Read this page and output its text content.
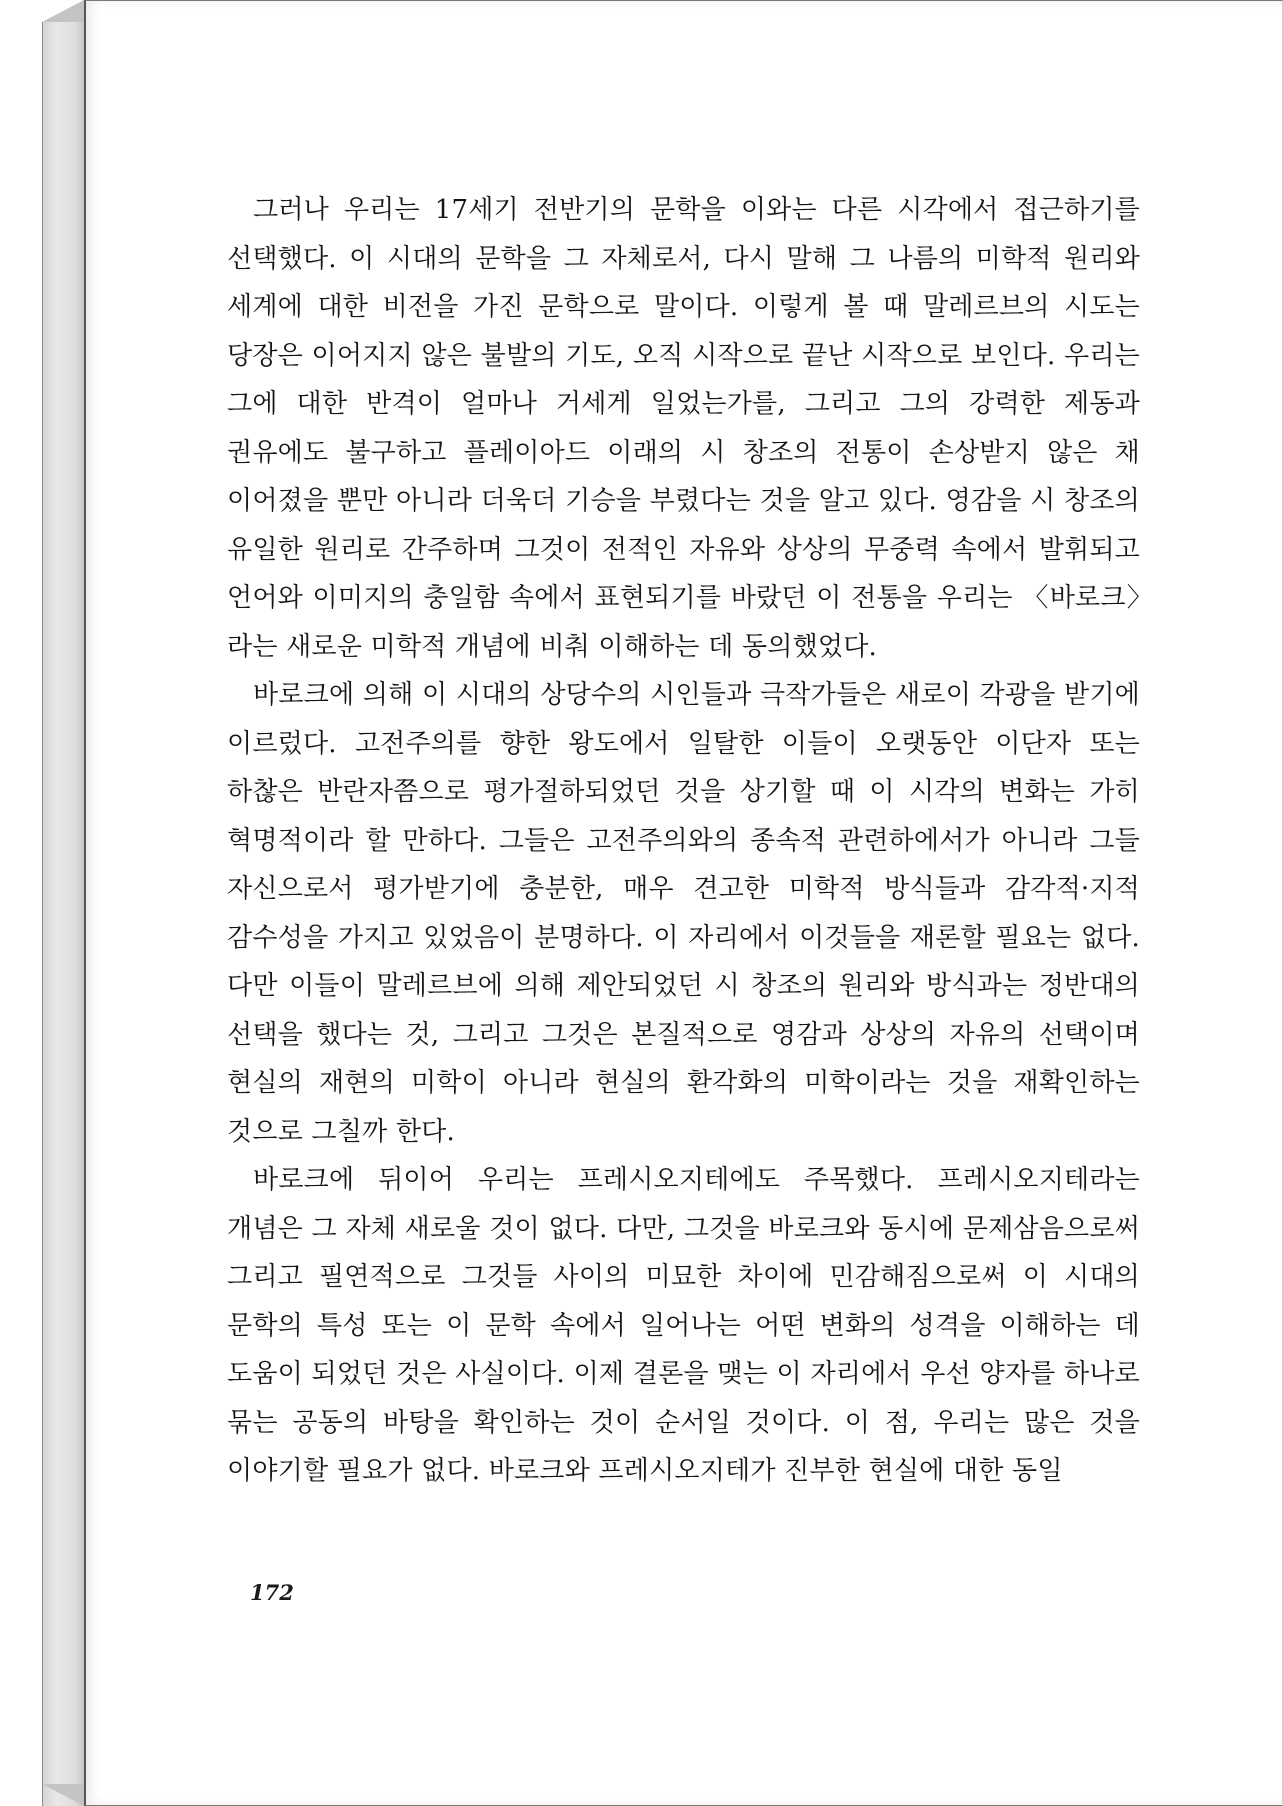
그러나 우리는 17세기 전반기의 문학을 이와는 다른 시각에서 접근하기를 선택했다. 이 시대의 문학을 그 자체로서, 다시 말해 그 나름의 미학적 원리와 세계에 대한 비전을 가진 문학으로 말이다. 이렇게 볼 때 말레르브의 시도는 당장은 이어지지 않은 불발의 기도, 오직 시작으로 끝난 시작으로 보인다. 우리는 그에 대한 반격이 얼마나 거세게 일었는가를, 그리고 그의 강력한 제동과 권유에도 불구하고 플레이아드 이래의 시 창조의 전통이 손상받지 않은 채 이어졌을 뿐만 아니라 더욱더 기승을 부렸다는 것을 알고 있다. 영감을 시 창조의 유일한 원리로 간주하며 그것이 전적인 자유와 상상의 무중력 속에서 발휘되고 언어와 이미지의 충일함 속에서 표현되기를 바랐던 이 전통을 우리는 〈바로크〉라는 새로운 미학적 개념에 비춰 이해하는 데 동의했었다.

바로크에 의해 이 시대의 상당수의 시인들과 극작가들은 새로이 각광을 받기에 이르렀다. 고전주의를 향한 왕도에서 일탈한 이들이 오랫동안 이단자 또는 하찮은 반란자쯤으로 평가절하되었던 것을 상기할 때 이 시각의 변화는 가히 혁명적이라 할 만하다. 그들은 고전주의와의 종속적 관련하에서가 아니라 그들 자신으로서 평가받기에 충분한, 매우 견고한 미학적 방식들과 감각적·지적 감수성을 가지고 있었음이 분명하다. 이 자리에서 이것들을 재론할 필요는 없다. 다만 이들이 말레르브에 의해 제안되었던 시 창조의 원리와 방식과는 정반대의 선택을 했다는 것, 그리고 그것은 본질적으로 영감과 상상의 자유의 선택이며 현실의 재현의 미학이 아니라 현실의 환각화의 미학이라는 것을 재확인하는 것으로 그칠까 한다.

바로크에 뒤이어 우리는 프레시오지테에도 주목했다. 프레시오지테라는 개념은 그 자체 새로울 것이 없다. 다만, 그것을 바로크와 동시에 문제삼음으로써 그리고 필연적으로 그것들 사이의 미묘한 차이에 민감해짐으로써 이 시대의 문학의 특성 또는 이 문학 속에서 일어나는 어떤 변화의 성격을 이해하는 데 도움이 되었던 것은 사실이다. 이제 결론을 맺는 이 자리에서 우선 양자를 하나로 묶는 공동의 바탕을 확인하는 것이 순서일 것이다. 이 점, 우리는 많은 것을 이야기할 필요가 없다. 바로크와 프레시오지테가 진부한 현실에 대한 동일

172
